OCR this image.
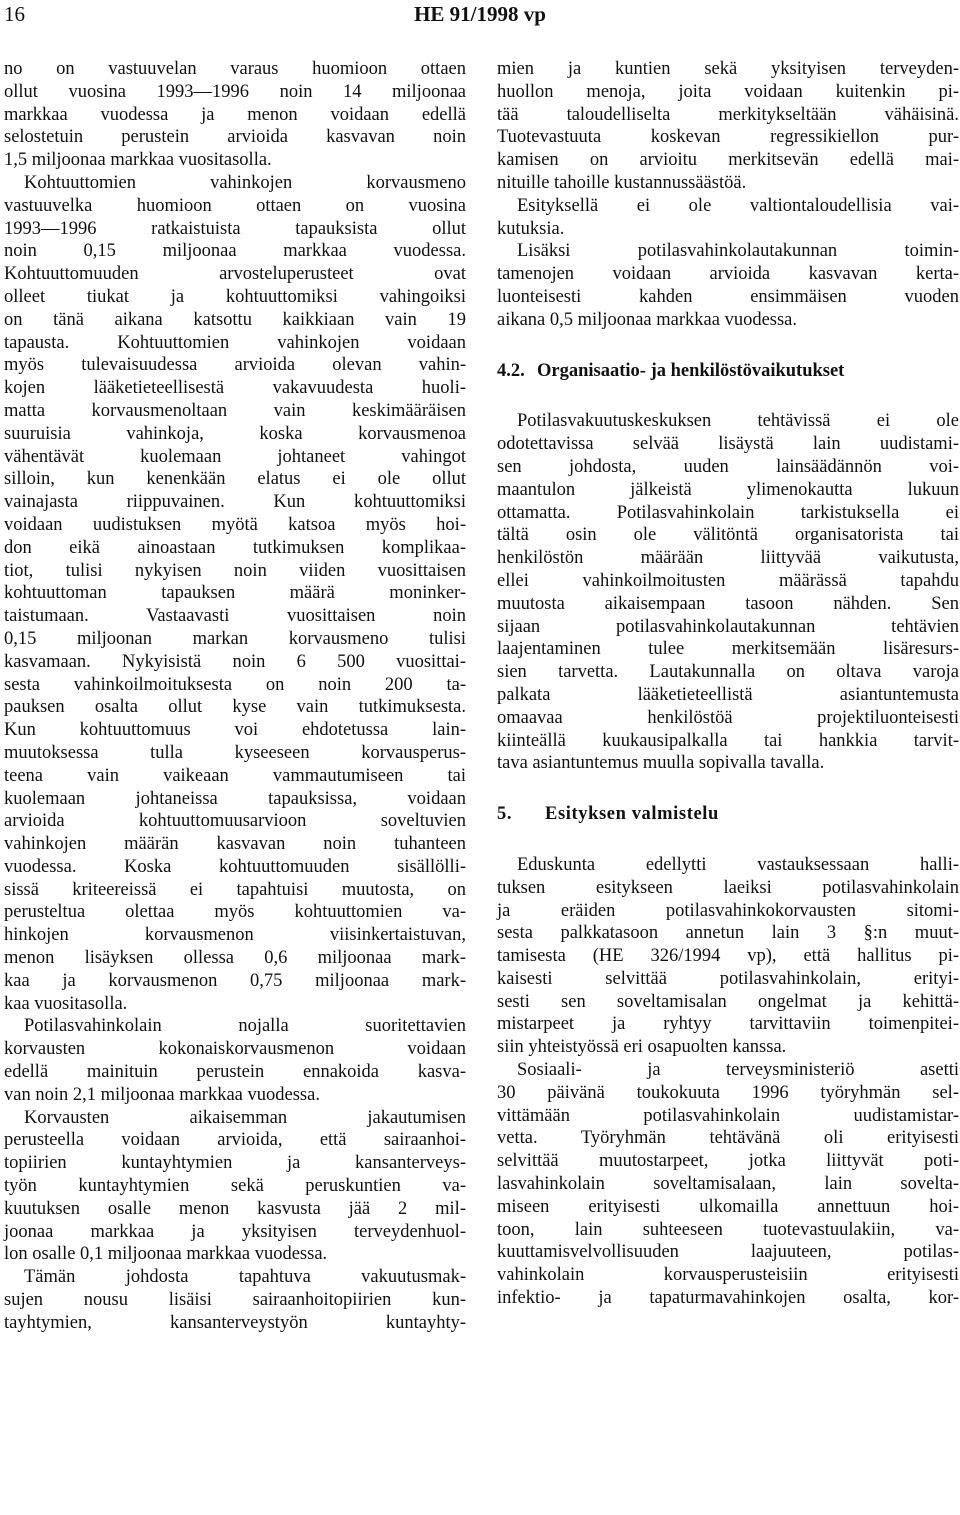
16	HE 91/1998 vp
no on vastuuvelan varaus huomioon ottaen
ollut vuosina 1993—1996 noin 14 miljoonaa
markkaa vuodessa ja menon voidaan edellä
selostetuin perustein arvioida kasvavan noin
1,5 miljoonaa markkaa vuositasolla.
Kohtuuttomien vahinkojen korvausmeno
vastuuvelka huomioon ottaen on vuosina
1993—1996 ratkaistuista tapauksista ollut
noin 0,15 miljoonaa markkaa vuodessa.
Kohtuuttomuuden arvosteluperusteet ovat
olleet tiukat ja kohtuuttomiksi vahingoiksi
on tänä aikana katsottu kaikkiaan vain 19
tapausta. Kohtuuttomien vahinkojen voidaan
myös tulevaisuudessa arvioida olevan vahin-
kojen lääketieteellisestä vakavuudesta huoli-
matta korvausmenoltaan vain keskimääräisen
suuruisia vahinkoja, koska korvausmenoa
vähentävät kuolemaan johtaneet vahingot
silloin, kun kenenkään elatus ei ole ollut
vainajasta riippuvainen. Kun kohtuuttomiksi
voidaan uudistuksen myötä katsoa myös hoi-
don eikä ainoastaan tutkimuksen komplikaa-
tiot, tulisi nykyisen noin viiden vuosittaisen
kohtuuttoman tapauksen määrä moninker-
taistumaan. Vastaavasti vuosittaisen noin
0,15 miljoonan markan korvausmeno tulisi
kasvamaan. Nykyisistä noin 6 500 vuosittai-
sesta vahinkoilmoituksesta on noin 200 ta-
pauksen osalta ollut kyse vain tutkimuksesta.
Kun kohtuuttomuus voi ehdotetussa lain-
muutoksessa tulla kyseeseen korvausperus-
teena vain vaikeaan vammautumiseen tai
kuolemaan johtaneissa tapauksissa, voidaan
arvioida kohtuuttomuusarvioon soveltuvien
vahinkojen määrän kasvavan noin tuhanteen
vuodessa. Koska kohtuuttomuuden sisällölli-
sissä kriteereissä ei tapahtuisi muutosta, on
perusteltua olettaa myös kohtuuttomien va-
hinkojen korvausmenon viisinkertaistuvan,
menon lisäyksen ollessa 0,6 miljoonaa mark-
kaa ja korvausmenon 0,75 miljoonaa mark-
kaa vuositasolla.
Potilasvahinkolain nojalla suoritettavien
korvausten kokonaiskorvausmenon voidaan
edellä mainituin perustein ennakoida kasva-
van noin 2,1 miljoonaa markkaa vuodessa.
Korvausten aikaisemman jakautumisen
perusteella voidaan arvioida, että sairaanhoi-
topiirien kuntayhtymien ja kansanterveys-
työn kuntayhtymien sekä peruskuntien va-
kuutuksen osalle menon kasvusta jää 2 mil-
joonaa markkaa ja yksityisen terveydenhuol-
lon osalle 0,1 miljoonaa markkaa vuodessa.
Tämän johdosta tapahtuva vakuutusmak-
sujen nousu lisäisi sairaanhoitopiirien kun-
tayhtymien, kansanterveystyön kuntayhty-
mien ja kuntien sekä yksityisen terveyden-
huollon menoja, joita voidaan kuitenkin pi-
tää taloudelliselta merkitykseltään vähäisinä.
Tuotevastuuta koskevan regressikiellon pur-
kamisen on arvioitu merkitsevän edellä mai-
nituille tahoille kustannussäästöä.
Esityksellä ei ole valtiontaloudellisia vai-
kutuksia.
Lisäksi potilasvahinkolautakunnan toimin-
tamenojen voidaan arvioida kasvavan kerta-
luonteisesti kahden ensimmäisen vuoden
aikana 0,5 miljoonaa markkaa vuodessa.
4.2. Organisaatio- ja henkilöstövaikutukset
Potilasvakuutuskeskuksen tehtävissä ei ole
odotettavissa selvää lisäystä lain uudistami-
sen johdosta, uuden lainsäädännön voi-
maantulon jälkeistä ylimenokautta lukuun
ottamatta. Potilasvahinkolain tarkistuksella ei
tältä osin ole välitöntä organisatorista tai
henkilöstön määrään liittyvää vaikutusta,
ellei vahinkoilmoitusten määrässä tapahdu
muutosta aikaisempaan tasoon nähden. Sen
sijaan potilasvahinkolautakunnan tehtävien
laajentaminen tulee merkitsemään lisäresurs-
sien tarvetta. Lautakunnalla on oltava varoja
palkata lääketieteellistä asiantuntemusta
omaavaa henkilöstöä projektiluonteisesti
kiinteällä kuukausipalkalla tai hankkia tarvit-
tava asiantuntemus muulla sopivalla tavalla.
5. Esityksen valmistelu
Eduskunta edellytti vastauksessaan halli-
tuksen esitykseen laeiksi potilasvahinkolain
ja eräiden potilasvahinkokorvausten sitomi-
sesta palkkatasoon annetun lain 3 §:n muut-
tamisesta (HE 326/1994 vp), että hallitus pi-
kaisesti selvittää potilasvahinkolain, erityi-
sesti sen soveltamisalan ongelmat ja kehittä-
mistarpeet ja ryhtyy tarvittaviin toimenpitei-
siin yhteistyössä eri osapuolten kanssa.
Sosiaali- ja terveysministeriö asetti
30 päivänä toukokuuta 1996 työryhmän sel-
vittämään potilasvahinkolain uudistamistar-
vetta. Työryhmän tehtävänä oli erityisesti
selvittää muutostarpeet, jotka liittyvät poti-
lasvahinkolain soveltamisalaan, lain sovelta-
miseen erityisesti ulkomailla annettuun hoi-
toon, lain suhteeseen tuotevastuulakiin, va-
kuuttamisvelvollisuuden laajuuteen, potilas-
vahinkolain korvausperusteisiin erityisesti
infektio- ja tapaturmavahinkojen osalta, kor-
